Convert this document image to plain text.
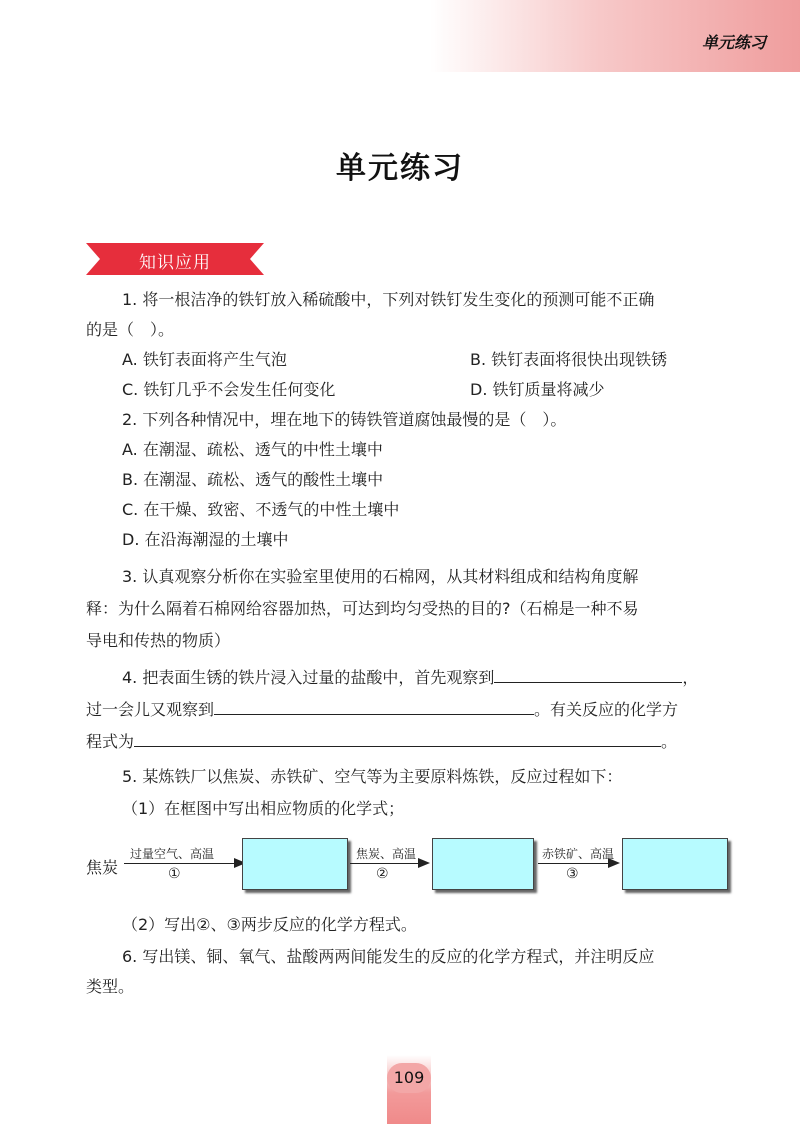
单元练习
单元练习
知识应用
1. 将一根洁净的铁钉放入稀硫酸中，下列对铁钉发生变化的预测可能不正确
的是（　）。
A. 铁钉表面将产生气泡	B. 铁钉表面将很快出现铁锈
C. 铁钉几乎不会发生任何变化	D. 铁钉质量将减少
2. 下列各种情况中，埋在地下的铸铁管道腐蚀最慢的是（　）。
A. 在潮湿、疏松、透气的中性土壤中
B. 在潮湿、疏松、透气的酸性土壤中
C. 在干燥、致密、不透气的中性土壤中
D. 在沿海潮湿的土壤中
3. 认真观察分析你在实验室里使用的石棉网，从其材料组成和结构角度解
释：为什么隔着石棉网给容器加热，可达到均匀受热的目的?（石棉是一种不易
导电和传热的物质）
4. 把表面生锈的铁片浸入过量的盐酸中，首先观察到	，
过一会儿又观察到	。有关反应的化学方
程式为	。
5. 某炼铁厂以焦炭、赤铁矿、空气等为主要原料炼铁，反应过程如下：
（1）在框图中写出相应物质的化学式；
焦炭
过量空气、高温
①
焦炭、高温
②
赤铁矿、高温
③
（2）写出②、③两步反应的化学方程式。
6. 写出镁、铜、氧气、盐酸两两间能发生的反应的化学方程式，并注明反应
类型。
109
